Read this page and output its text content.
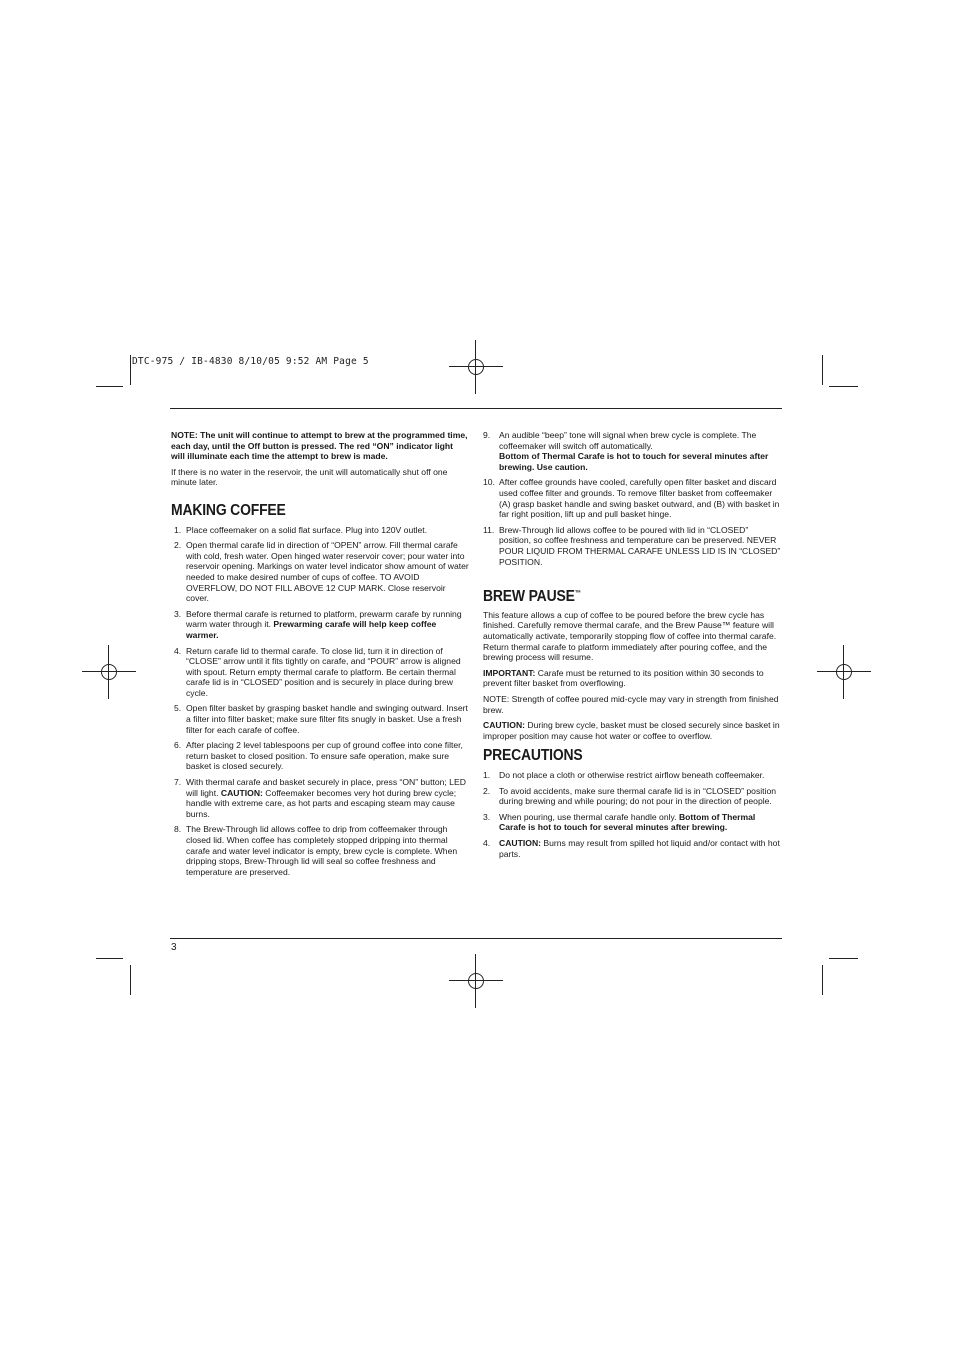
DTC-975 / IB-4830 8/10/05 9:52 AM Page 5

NOTE: The unit will continue to attempt to brew at the programmed time, each day, until the Off button is pressed. The red “ON” indicator light will illuminate each time the attempt to brew is made.

If there is no water in the reservoir, the unit will automatically shut off one minute later.

MAKING COFFEE
1. Place coffeemaker on a solid flat surface. Plug into 120V outlet.
2. Open thermal carafe lid in direction of “OPEN” arrow. Fill thermal carafe with cold, fresh water. Open hinged water reservoir cover; pour water into reservoir opening. Markings on water level indicator show amount of water needed to make desired number of cups of coffee. TO AVOID OVERFLOW, DO NOT FILL ABOVE 12 CUP MARK. Close reservoir cover.
3. Before thermal carafe is returned to platform, prewarm carafe by running warm water through it. Prewarming carafe will help keep coffee warmer.
4. Return carafe lid to thermal carafe. To close lid, turn it in direction of “CLOSE” arrow until it fits tightly on carafe, and “POUR” arrow is aligned with spout. Return empty thermal carafe to platform. Be certain thermal carafe lid is in “CLOSED” position and is securely in place during brew cycle.
5. Open filter basket by grasping basket handle and swinging outward. Insert a filter into filter basket; make sure filter fits snugly in basket. Use a fresh filter for each carafe of coffee.
6. After placing 2 level tablespoons per cup of ground coffee into cone filter, return basket to closed position. To ensure safe operation, make sure basket is closed securely.
7. With thermal carafe and basket securely in place, press “ON” button; LED will light. CAUTION: Coffeemaker becomes very hot during brew cycle; handle with extreme care, as hot parts and escaping steam may cause burns.
8. The Brew-Through lid allows coffee to drip from coffeemaker through closed lid. When coffee has completely stopped dripping into thermal carafe and water level indicator is empty, brew cycle is complete. When dripping stops, Brew-Through lid will seal so coffee freshness and temperature are preserved.
9. An audible “beep” tone will signal when brew cycle is complete. The coffeemaker will switch off automatically.
Bottom of Thermal Carafe is hot to touch for several minutes after brewing. Use caution.
10. After coffee grounds have cooled, carefully open filter basket and discard used coffee filter and grounds. To remove filter basket from coffeemaker (A) grasp basket handle and swing basket outward, and (B) with basket in far right position, lift up and pull basket hinge.
11. Brew-Through lid allows coffee to be poured with lid in “CLOSED” position, so coffee freshness and temperature can be preserved. NEVER POUR LIQUID FROM THERMAL CARAFE UNLESS LID IS IN “CLOSED” POSITION.
BREW PAUSE™

This feature allows a cup of coffee to be poured before the brew cycle has finished. Carefully remove thermal carafe, and the Brew Pause™ feature will automatically activate, temporarily stopping flow of coffee into thermal carafe. Return thermal carafe to platform immediately after pouring coffee, and the brewing process will resume.

IMPORTANT: Carafe must be returned to its position within 30 seconds to prevent filter basket from overflowing.

NOTE: Strength of coffee poured mid-cycle may vary in strength from finished brew.

CAUTION: During brew cycle, basket must be closed securely since basket in improper position may cause hot water or coffee to overflow.

PRECAUTIONS
1. Do not place a cloth or otherwise restrict airflow beneath coffeemaker.
2. To avoid accidents, make sure thermal carafe lid is in “CLOSED” position during brewing and while pouring; do not pour in the direction of people.
3. When pouring, use thermal carafe handle only. Bottom of Thermal Carafe is hot to touch for several minutes after brewing.
4. CAUTION: Burns may result from spilled hot liquid and/or contact with hot parts.
3
